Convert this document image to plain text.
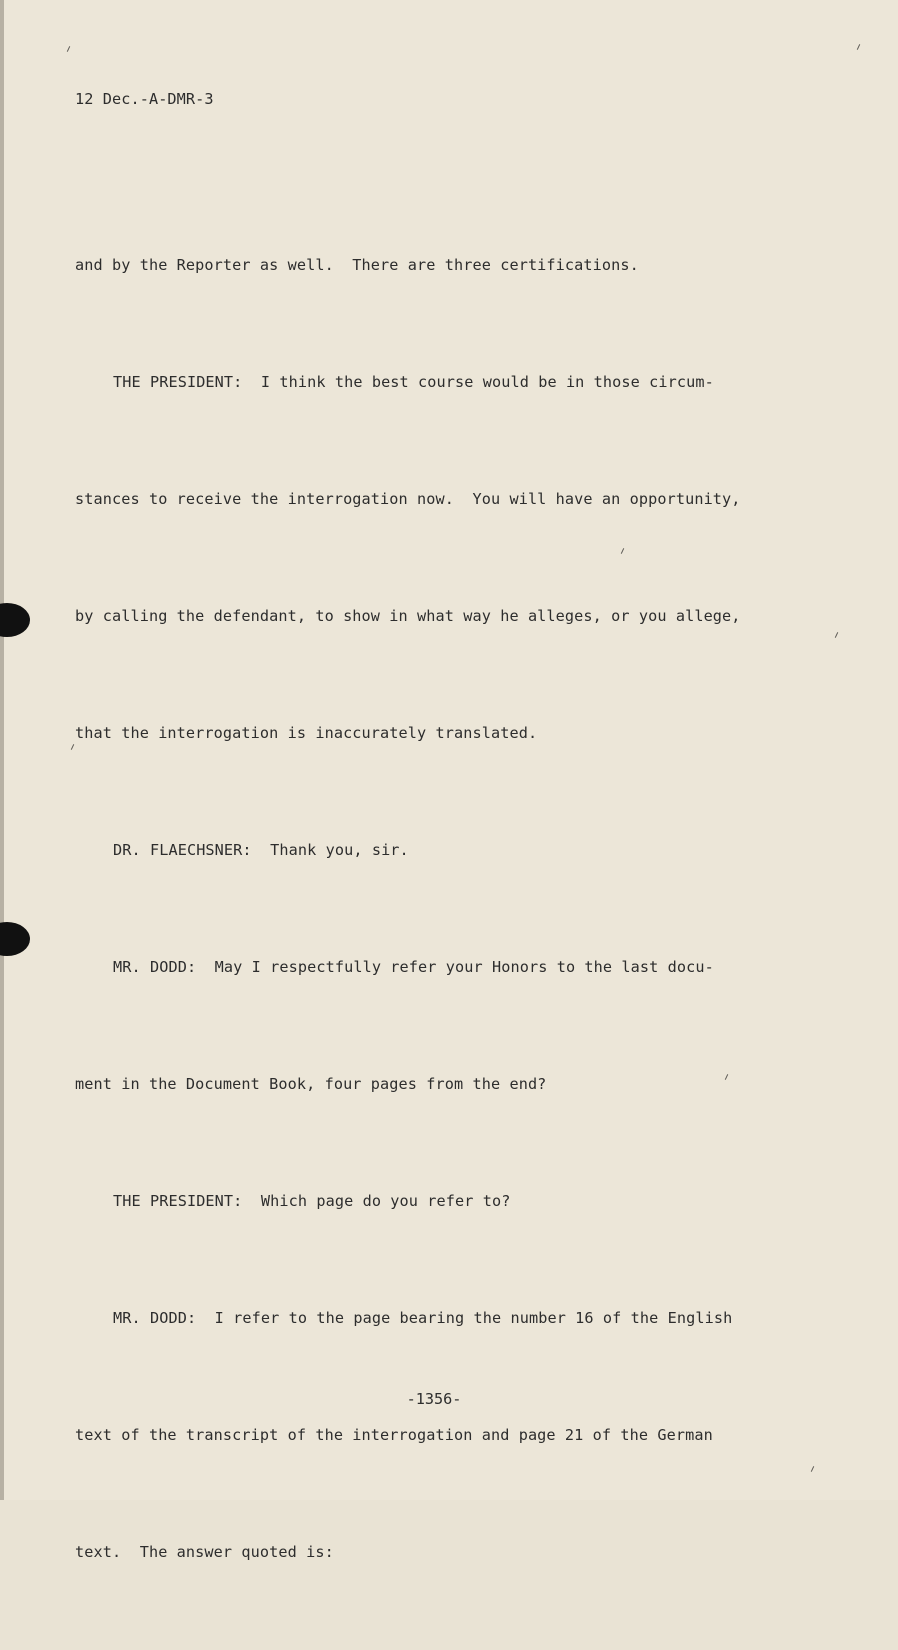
12 Dec.-A-DMR-3

and by the Reporter as well.  There are three certifications.

THE PRESIDENT:  I think the best course would be in those circum-

stances to receive the interrogation now.  You will have an opportunity,

by calling the defendant, to show in what way he alleges, or you allege,

that the interrogation is inaccurately translated.

DR. FLAECHSNER:  Thank you, sir.

MR. DODD:  May I respectfully refer your Honors to the last docu-

ment in the Document Book, four pages from the end?

THE PRESIDENT:  Which page do you refer to?

MR. DODD:  I refer to the page bearing the number 16 of the English

text of the transcript of the interrogation and page 21 of the German

text.  The answer quoted is:

-1356-
